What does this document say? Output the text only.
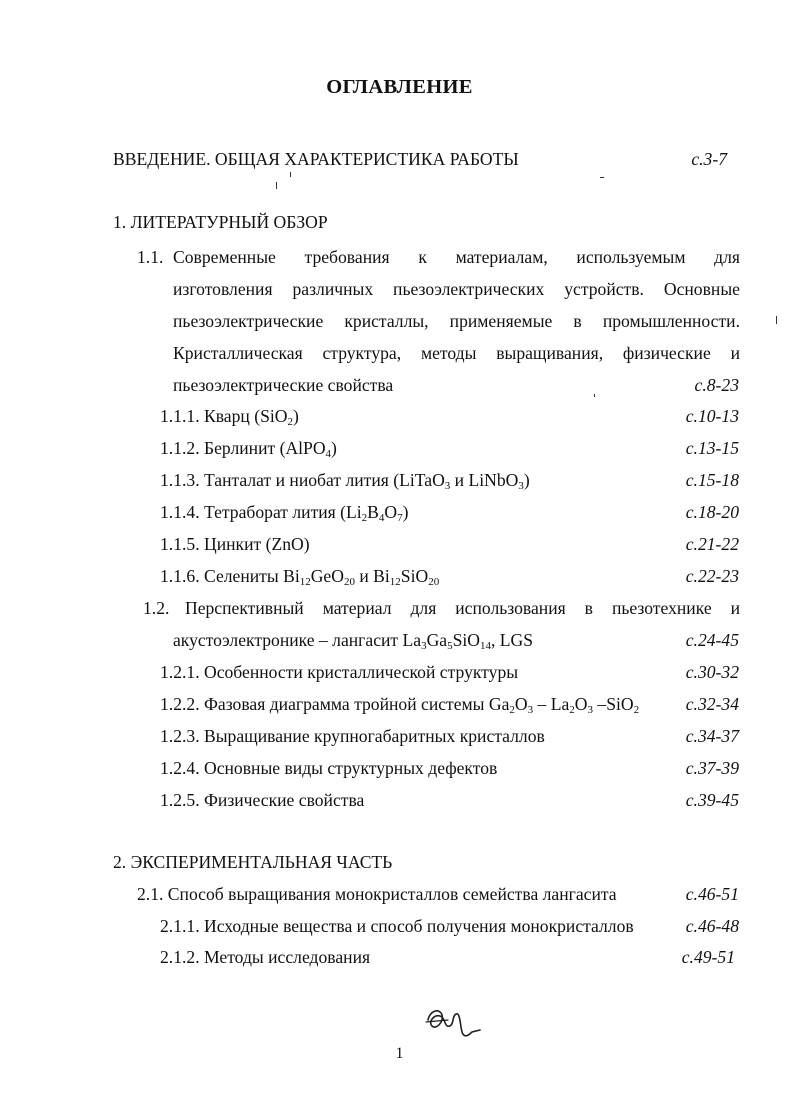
ОГЛАВЛЕНИЕ
ВВЕДЕНИЕ. ОБЩАЯ ХАРАКТЕРИСТИКА РАБОТЫ	с.3-7
1. ЛИТЕРАТУРНЫЙ ОБЗОР
1.1. Современные требования к материалам, используемым для
изготовления различных пьезоэлектрических устройств. Основные
пьезоэлектрические кристаллы, применяемые в промышленности.
Кристаллическая структура, методы выращивания, физические и
пьезоэлектрические свойства	с.8-23
1.1.1. Кварц (SiO$_2$)	с.10-13
1.1.2. Берлинит (AlPO$_4$)	с.13-15
1.1.3. Танталат и ниобат лития (LiTaO$_3$ и LiNbO$_3$)	с.15-18
1.1.4. Тетраборат лития $(Li_2B_4O_7)$	с.18-20
1.1.5. Цинкит (ZnO)	с.21-22
1.1.6. Селениты $Bi_{12}GeO_{20}$ и $Bi_{12}SiO_{20}$	с.22-23
1.2. Перспективный материал для использования в пьезотехнике и
акустоэлектронике – лангасит $La_3Ga_5SiO_{14}$, LGS	с.24-45
1.2.1. Особенности кристаллической структуры	с.30-32
1.2.2. Фазовая диаграмма тройной системы $Ga_2O_3 - La_2O_3$ –SiO$_2$	с.32-34
1.2.3. Выращивание крупногабаритных кристаллов	с.34-37
1.2.4. Основные виды структурных дефектов	с.37-39
1.2.5. Физические свойства	с.39-45
2. ЭКСПЕРИМЕНТАЛЬНАЯ ЧАСТЬ
2.1. Способ выращивания монокристаллов семейства лангасита	с.46-51
2.1.1. Исходные вещества и способ получения монокристаллов	с.46-48
2.1.2. Методы исследования	с.49-51
1
